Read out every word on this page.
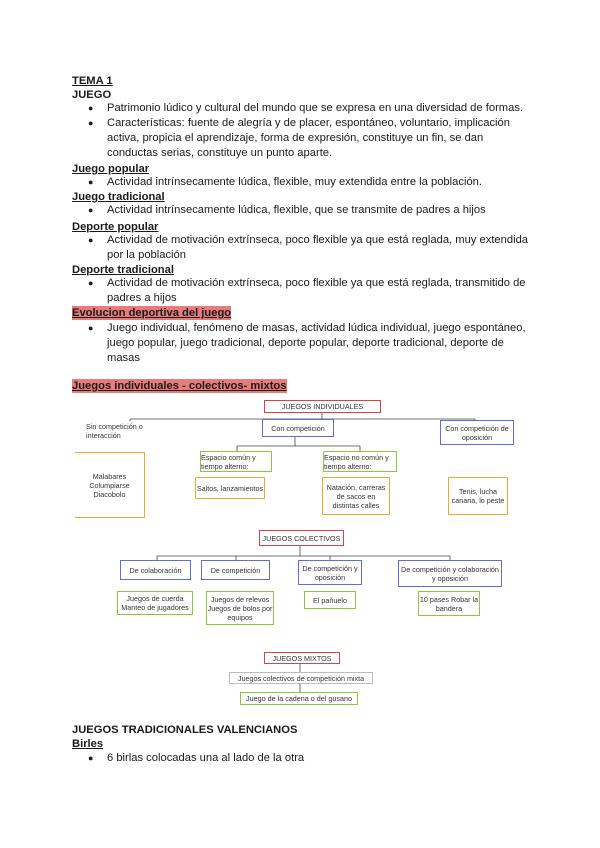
TEMA 1
JUEGO
● Patrimonio lúdico y cultural del mundo que se expresa en una diversidad de formas.
● Características: fuente de alegría y de placer, espontáneo, voluntario, implicación activa, propicia el aprendizaje, forma de expresión, constituye un fin, se dan conductas serias, constituye un punto aparte.
Juego popular
● Actividad intrínsecamente lúdica, flexible, muy extendida entre la población.
Juego tradicional
● Actividad intrínsecamente lúdica, flexible, que se transmite de padres a hijos
Deporte popular
● Actividad de motivación extrínseca, poco flexible ya que está reglada, muy extendida por la población
Deporte tradicional
● Actividad de motivación extrínseca, poco flexible ya que está reglada, transmitido de padres a hijos
Evolucion deportiva del juego
● Juego individual, fenómeno de masas, actividad lúdica individual, juego espontáneo, juego popular, juego tradicional, deporte popular, deporte tradicional, deporte de masas
Juegos individuales - colectivos- mixtos
JUEGOS INDIVIDUALES
Sin competición o interacción
Con competición	Con competición de oposición
Espacio común y tiempo alterno:
Espacio no común y tiempo alterno:
Malabares Columpiarse Diacobolo
Saltos, lanzamientos	Natación, carreras de sacos en distintas calles
Tenis, lucha canaria, lo peste
JUEGOS COLECTIVOS
De colaboración	De competición	De competición y oposición
De competición y colaboración y oposición
Juegos de cuerda Manteo de jugadores
Juegos de relevos Juegos de bolos por equipos
El pañuelo	10 pases Robar la bandera
JUEGOS MIXTOS
Juegos colectivos de competición mixta
Juego de la cadena o del gusano
JUEGOS TRADICIONALES VALENCIANOS
Birles
● 6 birlas colocadas una al lado de la otra
